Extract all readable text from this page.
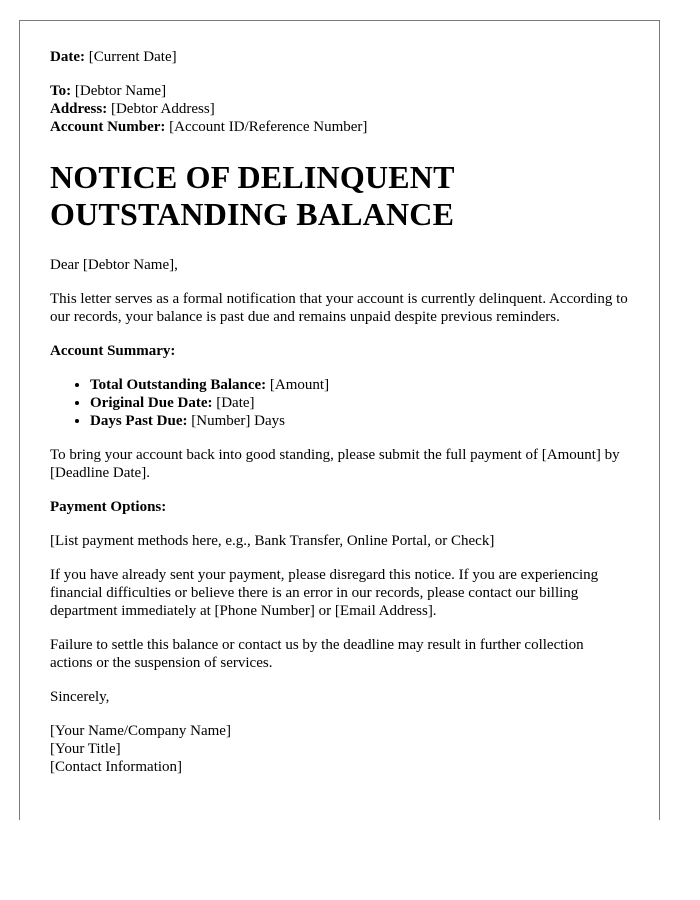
Date: [Current Date]

To: [Debtor Name]

Address: [Debtor Address]

Account Number: [Account ID/Reference Number]

NOTICE OF DELINQUENT
OUTSTANDING BALANCE

Dear [Debtor Name],

This letter serves as a formal notification that your account is currently delinquent. According to our records, your balance is past due and remains unpaid despite previous reminders.

Account Summary:

• Total Outstanding Balance: [Amount]
• Original Due Date: [Date]
• Days Past Due: [Number] Days

To bring your account back into good standing, please submit the full payment of [Amount] by [Deadline Date].

Payment Options:

[List payment methods here, e.g., Bank Transfer, Online Portal, or Check]

If you have already sent your payment, please disregard this notice. If you are experiencing financial difficulties or believe there is an error in our records, please contact our billing department immediately at [Phone Number] or [Email Address].

Failure to settle this balance or contact us by the deadline may result in further collection actions or the suspension of services.

Sincerely,

[Your Name/Company Name]

[Your Title]

[Contact Information]
